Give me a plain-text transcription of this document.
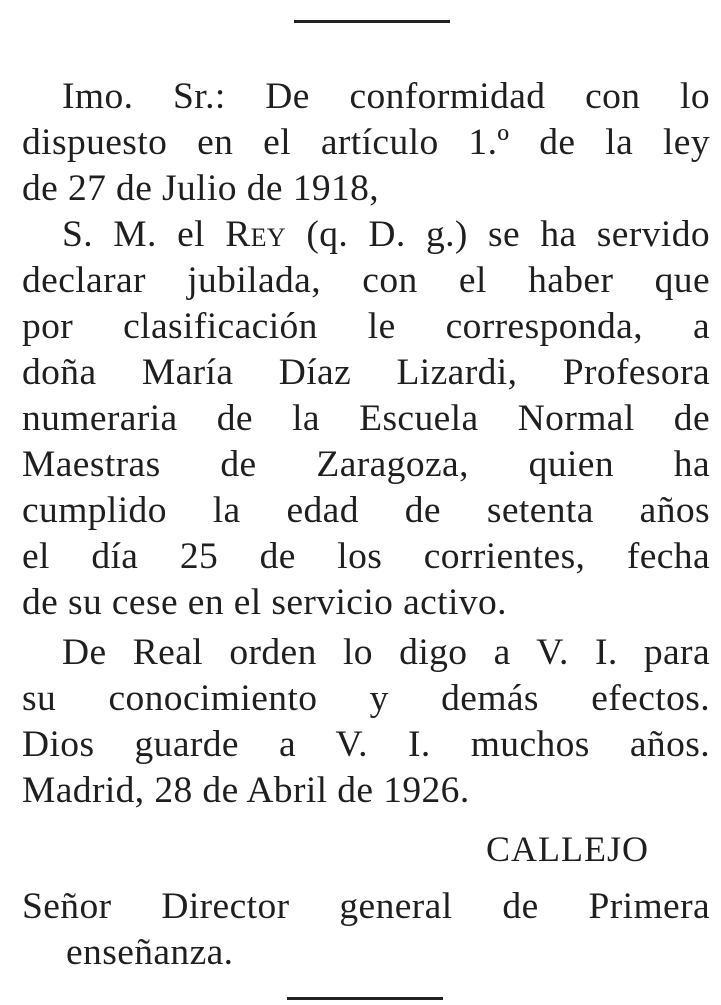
Imo. Sr.: De conformidad con lo
dispuesto en el artículo 1.º de la ley
de 27 de Julio de 1918,
S. M. el Rey (q. D. g.) se ha servido
declarar jubilada, con el haber que
por clasificación le corresponda, a
doña María Díaz Lizardi, Profesora
numeraria de la Escuela Normal de
Maestras de Zaragoza, quien ha
cumplido la edad de setenta años
el día 25 de los corrientes, fecha
de su cese en el servicio activo.
De Real orden lo digo a V. I. para
su conocimiento y demás efectos.
Dios guarde a V. I. muchos años.
Madrid, 28 de Abril de 1926.
CALLEJO
Señor Director general de Primera
enseñanza.
